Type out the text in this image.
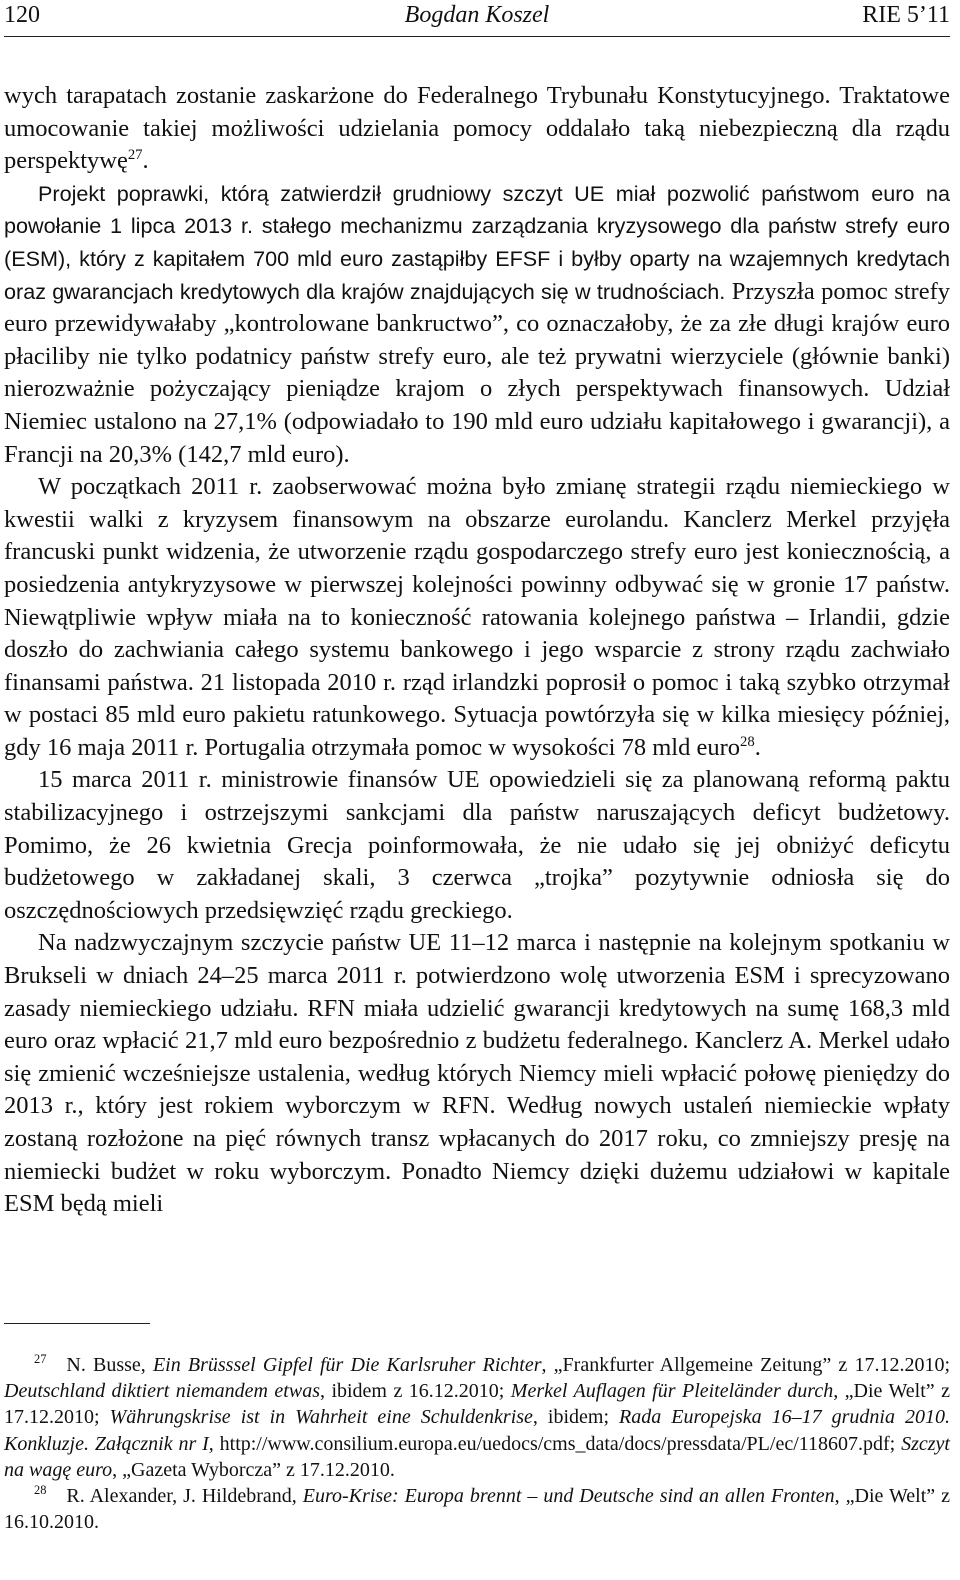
120	Bogdan Koszel	RIE 5’11

wych tarapatach zostanie zaskarżone do Federalnego Trybunału Konstytucyjnego. Traktatowe umocowanie takiej możliwości udzielania pomocy oddalało taką niebezpieczną dla rządu perspektywę$^{27}$.

Projekt poprawki, którą zatwierdził grudniowy szczyt UE miał pozwolić państwom euro na powołanie 1 lipca 2013 r. stałego mechanizmu zarządzania kryzysowego dla państw strefy euro (ESM), który z kapitałem 700 mld euro zastąpiłby EFSF i byłby oparty na wzajemnych kredytach oraz gwarancjach kredytowych dla krajów znajdujących się w trudnościach. Przyszła pomoc strefy euro przewidywałaby „kontrolowane bankructwo”, co oznaczałoby, że za złe długi krajów euro płaciliby nie tylko podatnicy państw strefy euro, ale też prywatni wierzyciele (głównie banki) nierozważnie pożyczający pieniądze krajom o złych perspektywach finansowych. Udział Niemiec ustalono na 27,1% (odpowiadało to 190 mld euro udziału kapitałowego i gwarancji), a Francji na 20,3% (142,7 mld euro).

W początkach 2011 r. zaobserwować można było zmianę strategii rządu niemieckiego w kwestii walki z kryzysem finansowym na obszarze eurolandu. Kanclerz Merkel przyjęła francuski punkt widzenia, że utworzenie rządu gospodarczego strefy euro jest koniecznością, a posiedzenia antykryzysowe w pierwszej kolejności powinny odbywać się w gronie 17 państw. Niewątpliwie wpływ miała na to konieczność ratowania kolejnego państwa – Irlandii, gdzie doszło do zachwiania całego systemu bankowego i jego wsparcie z strony rządu zachwiało finansami państwa. 21 listopada 2010 r. rząd irlandzki poprosił o pomoc i taką szybko otrzymał w postaci 85 mld euro pakietu ratunkowego. Sytuacja powtórzyła się w kilka miesięcy później, gdy 16 maja 2011 r. Portugalia otrzymała pomoc w wysokości 78 mld euro$^{28}$.

15 marca 2011 r. ministrowie finansów UE opowiedzieli się za planowaną reformą paktu stabilizacyjnego i ostrzejszymi sankcjami dla państw naruszających deficyt budżetowy. Pomimo, że 26 kwietnia Grecja poinformowała, że nie udało się jej obniżyć deficytu budżetowego w zakładanej skali, 3 czerwca „trojka” pozytywnie odniosła się do oszczędnościowych przedsięwzięć rządu greckiego.

Na nadzwyczajnym szczycie państw UE 11–12 marca i następnie na kolejnym spotkaniu w Brukseli w dniach 24–25 marca 2011 r. potwierdzono wolę utworzenia ESM i sprecyzowano zasady niemieckiego udziału. RFN miała udzielić gwarancji kredytowych na sumę 168,3 mld euro oraz wpłacić 21,7 mld euro bezpośrednio z budżetu federalnego. Kanclerz A. Merkel udało się zmienić wcześniejsze ustalenia, według których Niemcy mieli wpłacić połowę pieniędzy do 2013 r., który jest rokiem wyborczym w RFN. Według nowych ustaleń niemieckie wpłaty zostaną rozłożone na pięć równych transz wpłacanych do 2017 roku, co zmniejszy presję na niemiecki budżet w roku wyborczym. Ponadto Niemcy dzięki dużemu udziałowi w kapitale ESM będą mieli

$^{27}$ N. Busse, Ein Brüsssel Gipfel für Die Karlsruher Richter, „Frankfurter Allgemeine Zeitung” z 17.12.2010; Deutschland diktiert niemandem etwas, ibidem z 16.12.2010; Merkel Auflagen für Pleiteländer durch, „Die Welt” z 17.12.2010; Währungskrise ist in Wahrheit eine Schuldenkrise, ibidem; Rada Europejska 16–17 grudnia 2010. Konkluzje. Załącznik nr I, http://www.consilium.europa.eu/uedocs/cms_data/docs/pressdata/PL/ec/118607.pdf; Szczyt na wagę euro, „Gazeta Wyborcza” z 17.12.2010.

$^{28}$ R. Alexander, J. Hildebrand, Euro-Krise: Europa brennt – und Deutsche sind an allen Fronten, „Die Welt” z 16.10.2010.
